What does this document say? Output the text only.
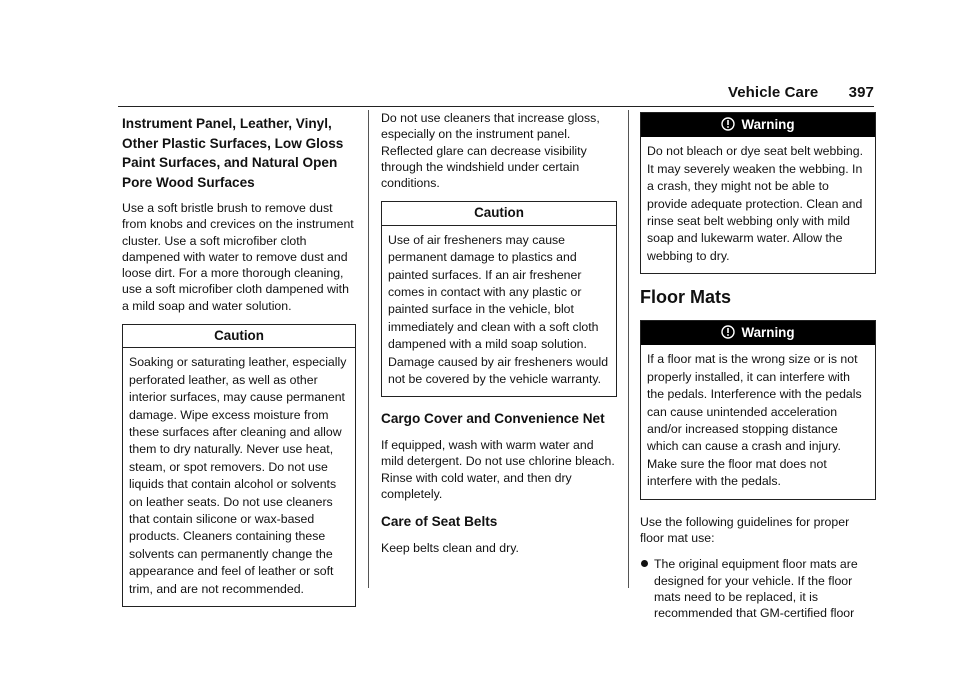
Vehicle Care 397
Instrument Panel, Leather, Vinyl, Other Plastic Surfaces, Low Gloss Paint Surfaces, and Natural Open Pore Wood Surfaces

Use a soft bristle brush to remove dust from knobs and crevices on the instrument cluster. Use a soft microfiber cloth dampened with water to remove dust and loose dirt. For a more thorough cleaning, use a soft microfiber cloth dampened with a mild soap and water solution.

Caution
Soaking or saturating leather, especially perforated leather, as well as other interior surfaces, may cause permanent damage. Wipe excess moisture from these surfaces after cleaning and allow them to dry naturally. Never use heat, steam, or spot removers. Do not use liquids that contain alcohol or solvents on leather seats. Do not use cleaners that contain silicone or wax-based products. Cleaners containing these solvents can permanently change the appearance and feel of leather or soft trim, and are not recommended.

Do not use cleaners that increase gloss, especially on the instrument panel. Reflected glare can decrease visibility through the windshield under certain conditions.

Caution
Use of air fresheners may cause permanent damage to plastics and painted surfaces. If an air freshener comes in contact with any plastic or painted surface in the vehicle, blot immediately and clean with a soft cloth dampened with a mild soap solution. Damage caused by air fresheners would not be covered by the vehicle warranty.
Cargo Cover and Convenience Net

If equipped, wash with warm water and mild detergent. Do not use chlorine bleach. Rinse with cold water, and then dry completely.

Care of Seat Belts

Keep belts clean and dry.

Warning
Do not bleach or dye seat belt webbing. It may severely weaken the webbing. In a crash, they might not be able to provide adequate protection. Clean and rinse seat belt webbing only with mild soap and lukewarm water. Allow the webbing to dry.
Floor Mats
Warning
If a floor mat is the wrong size or is not properly installed, it can interfere with the pedals. Interference with the pedals can cause unintended acceleration and/or increased stopping distance which can cause a crash and injury. Make sure the floor mat does not interfere with the pedals.

Use the following guidelines for proper floor mat use:

The original equipment floor mats are designed for your vehicle. If the floor mats need to be replaced, it is recommended that GM-certified floor
